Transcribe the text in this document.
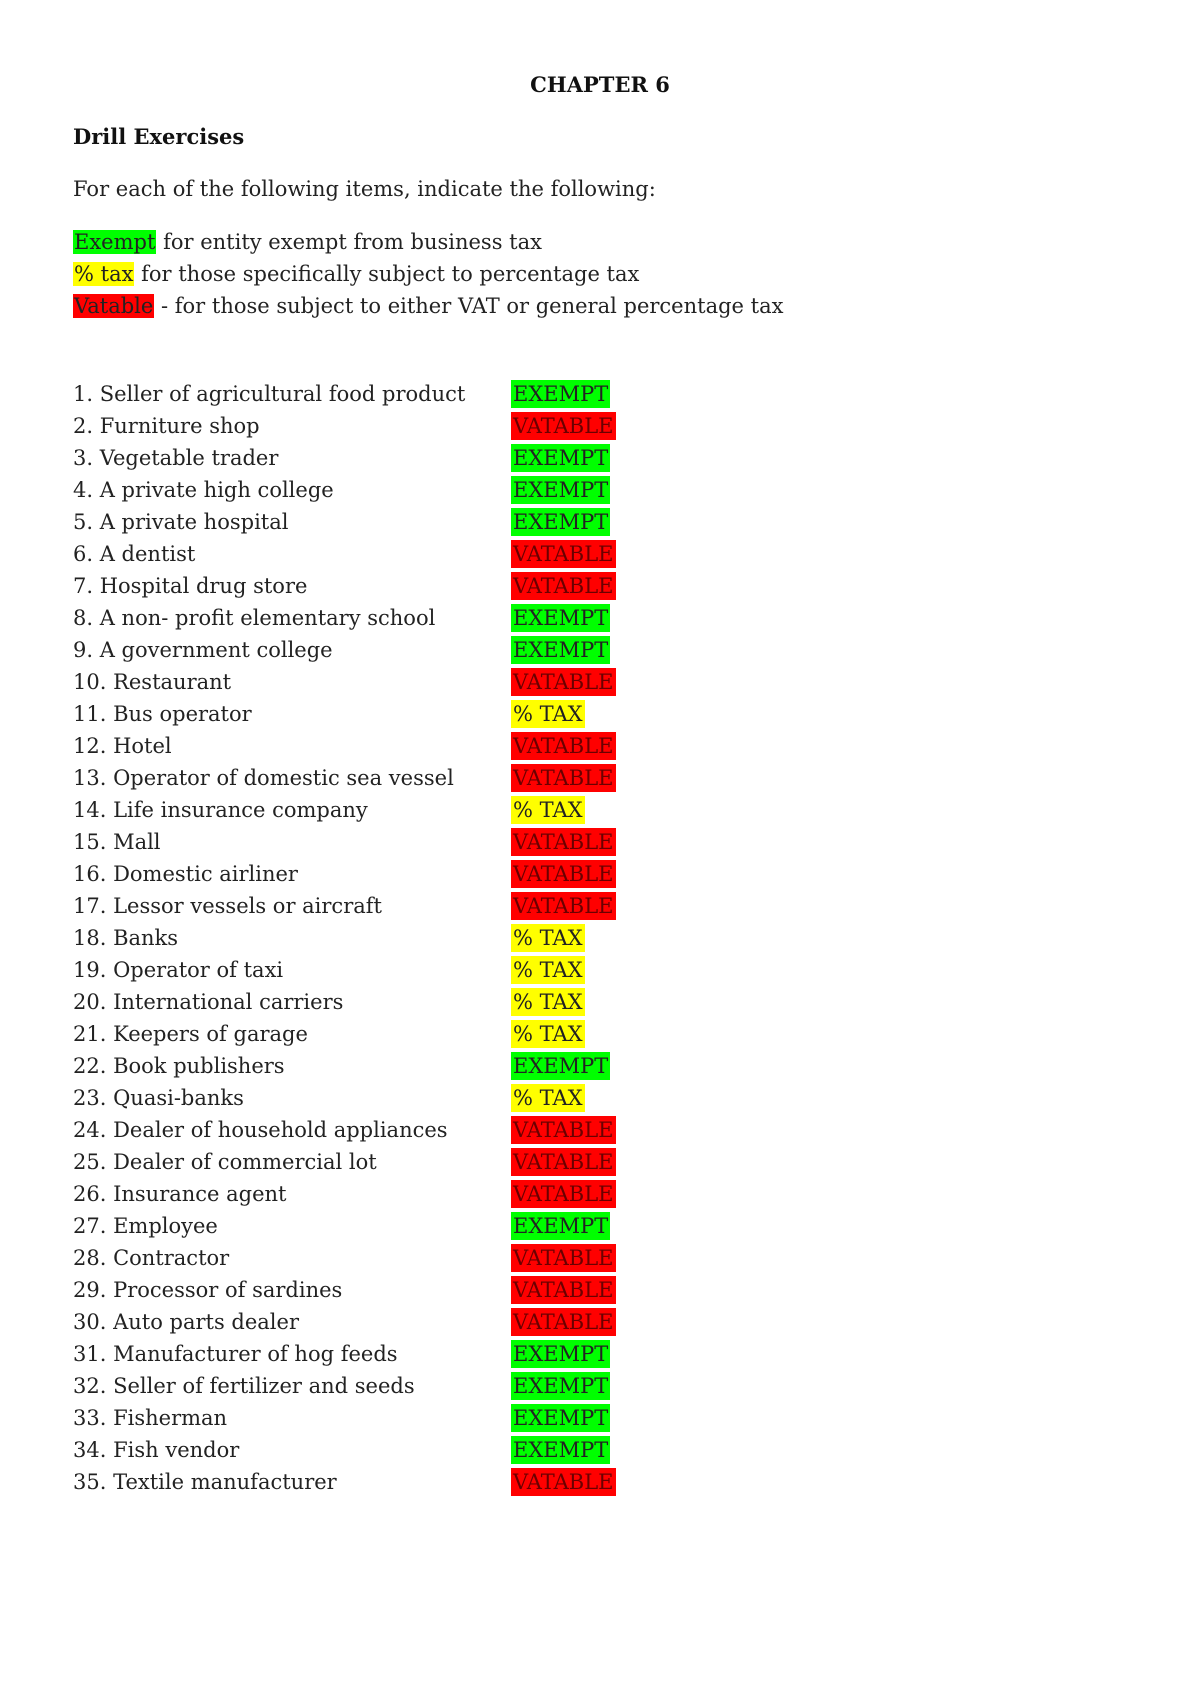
CHAPTER 6
Drill Exercises
For each of the following items, indicate the following:
Exempt for entity exempt from business tax
% tax for those specifically subject to percentage tax
Vatable - for those subject to either VAT or general percentage tax
1. Seller of agricultural food product	EXEMPT
2. Furniture shop	VATABLE
3. Vegetable trader	EXEMPT
4. A private high college	EXEMPT
5. A private hospital	EXEMPT
6. A dentist	VATABLE
7. Hospital drug store	VATABLE
8. A non- profit elementary school	EXEMPT
9. A government college	EXEMPT
10. Restaurant	VATABLE
11. Bus operator	% TAX
12. Hotel	VATABLE
13. Operator of domestic sea vessel	VATABLE
14. Life insurance company	% TAX
15. Mall	VATABLE
16. Domestic airliner	VATABLE
17. Lessor vessels or aircraft	VATABLE
18. Banks	% TAX
19. Operator of taxi	% TAX
20. International carriers	% TAX
21. Keepers of garage	% TAX
22. Book publishers	EXEMPT
23. Quasi-banks	% TAX
24. Dealer of household appliances	VATABLE
25. Dealer of commercial lot	VATABLE
26. Insurance agent	VATABLE
27. Employee	EXEMPT
28. Contractor	VATABLE
29. Processor of sardines	VATABLE
30. Auto parts dealer	VATABLE
31. Manufacturer of hog feeds	EXEMPT
32. Seller of fertilizer and seeds	EXEMPT
33. Fisherman	EXEMPT
34. Fish vendor	EXEMPT
35. Textile manufacturer	VATABLE
